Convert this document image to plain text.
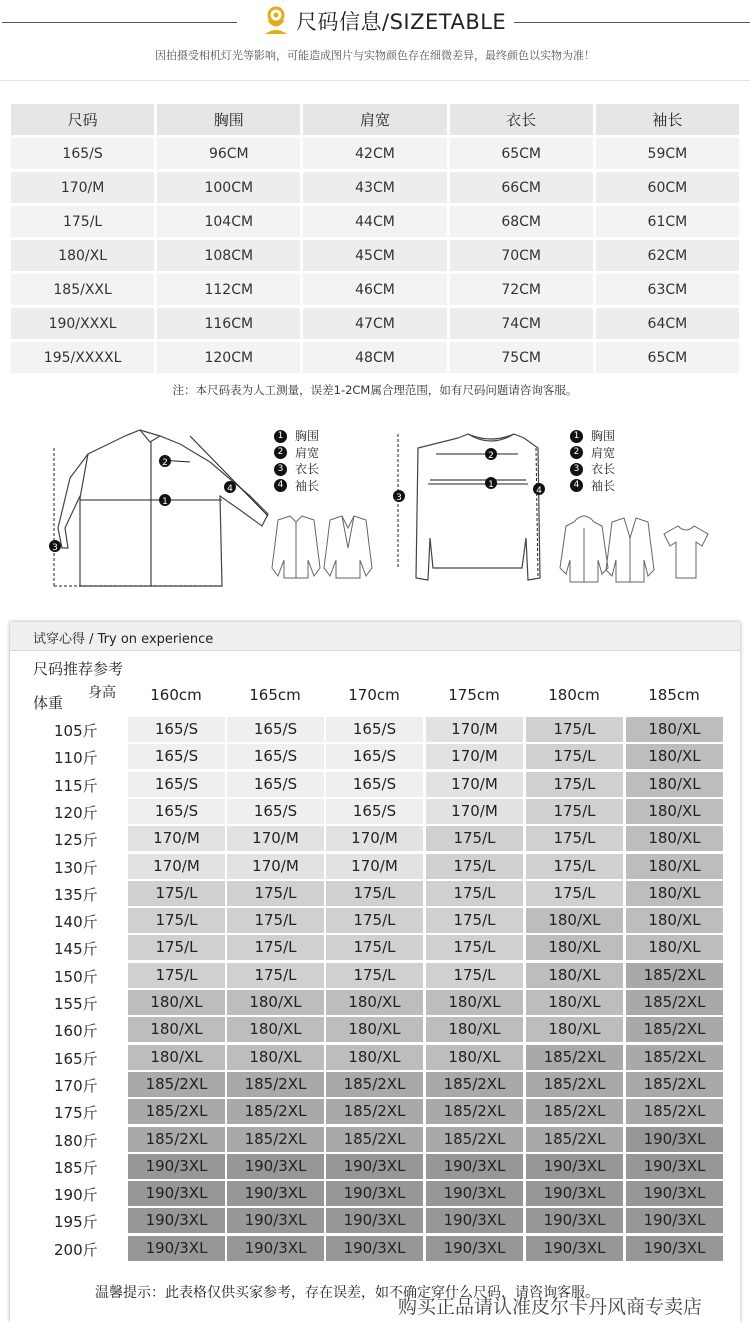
尺码信息/SIZETABLE
因拍摄受相机灯光等影响，可能造成图片与实物颜色存在细微差异，最终颜色以实物为准！
尺码	胸围	肩宽	衣长	袖长
165/S	96CM	42CM	65CM	59CM
170/M	100CM	43CM	66CM	60CM
175/L	104CM	44CM	68CM	61CM
180/XL	108CM	45CM	70CM	62CM
185/XXL	112CM	46CM	72CM	63CM
190/XXXL	116CM	47CM	74CM	64CM
195/XXXXL	120CM	48CM	75CM	65CM
注：本尺码表为人工测量，误差1-2CM属合理范围，如有尺码问题请咨询客服。
1
2
3
4
1 胸围
2 肩宽
3 衣长
4 袖长	1
2
3
4
1 胸围
2 肩宽
3 衣长
4 袖长
试穿心得 / Try on experience
尺码推荐参考
体重
身高	160cm	165cm	170cm	175cm	180cm	185cm
105斤	165/S	165/S	165/S	170/M	175/L	180/XL
110斤	165/S	165/S	165/S	170/M	175/L	180/XL
115斤	165/S	165/S	165/S	170/M	175/L	180/XL
120斤	165/S	165/S	165/S	170/M	175/L	180/XL
125斤	170/M	170/M	170/M	175/L	175/L	180/XL
130斤	170/M	170/M	170/M	175/L	175/L	180/XL
135斤	175/L	175/L	175/L	175/L	175/L	180/XL
140斤	175/L	175/L	175/L	175/L	180/XL	180/XL
145斤	175/L	175/L	175/L	175/L	180/XL	180/XL
150斤	175/L	175/L	175/L	175/L	180/XL	185/2XL
155斤	180/XL	180/XL	180/XL	180/XL	180/XL	185/2XL
160斤	180/XL	180/XL	180/XL	180/XL	180/XL	185/2XL
165斤	180/XL	180/XL	180/XL	180/XL	185/2XL	185/2XL
170斤	185/2XL	185/2XL	185/2XL	185/2XL	185/2XL	185/2XL
175斤	185/2XL	185/2XL	185/2XL	185/2XL	185/2XL	185/2XL
180斤	185/2XL	185/2XL	185/2XL	185/2XL	185/2XL	190/3XL
185斤	190/3XL	190/3XL	190/3XL	190/3XL	190/3XL	190/3XL
190斤	190/3XL	190/3XL	190/3XL	190/3XL	190/3XL	190/3XL
195斤	190/3XL	190/3XL	190/3XL	190/3XL	190/3XL	190/3XL
200斤	190/3XL	190/3XL	190/3XL	190/3XL	190/3XL	190/3XL
温馨提示：此表格仅供买家参考，存在误差，如不确定穿什么尺码，请咨询客服。
购买正品请认准皮尔卡丹风商专卖店
